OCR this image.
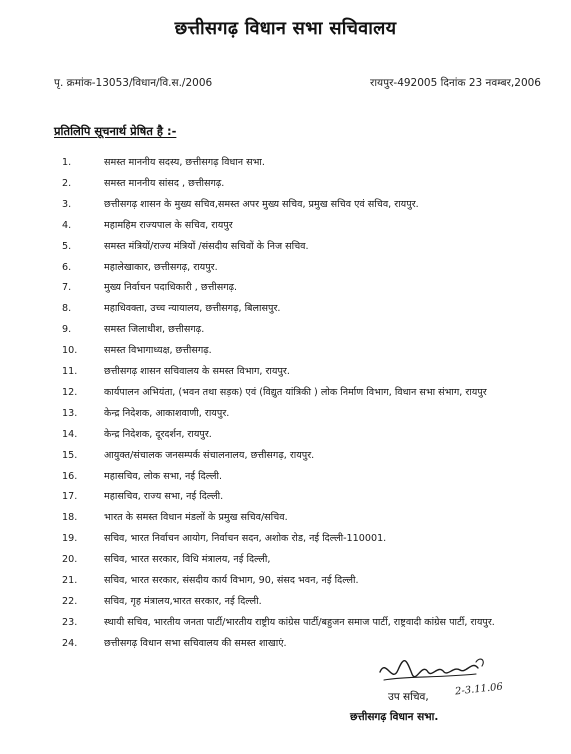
छत्तीसगढ़ विधान सभा सचिवालय
पृ. क्रमांक-13053/विधान/वि.स./2006	रायपुर-492005 दिनांक 23 नवम्बर,2006
प्रतिलिपि सूचनार्थ प्रेषित है :-
1.	समस्त माननीय सदस्य, छत्तीसगढ़ विधान सभा.
2.	समस्त माननीय सांसद , छत्तीसगढ़.
3.	छत्तीसगढ़ शासन के मुख्य सचिव,समस्त अपर मुख्य सचिव, प्रमुख सचिव एवं सचिव, रायपुर.
4.	महामहिम राज्यपाल के सचिव, रायपुर
5.	समस्त मंत्रियों/राज्य मंत्रियों /संसदीय सचिवों के निज सचिव.
6.	महालेखाकार, छत्तीसगढ़, रायपुर.
7.	मुख्य निर्वाचन पदाधिकारी , छत्तीसगढ़.
8.	महाधिवक्ता, उच्च न्यायालय, छत्तीसगढ़, बिलासपुर.
9.	समस्त जिलाधीश, छत्तीसगढ़.
10.	समस्त विभागाध्यक्ष, छत्तीसगढ़.
11.	छत्तीसगढ़ शासन सचिवालय के समस्त विभाग, रायपुर.
12.	कार्यपालन अभियंता, (भवन तथा सड़क) एवं (विद्युत यांत्रिकी ) लोक निर्माण विभाग, विधान सभा संभाग, रायपुर
13.	केन्द्र निदेशक, आकाशवाणी, रायपुर.
14.	केन्द्र निदेशक, दूरदर्शन, रायपुर.
15.	आयुक्त/संचालक जनसम्पर्क संचालनालय, छत्तीसगढ़, रायपुर.
16.	महासचिव, लोक सभा, नई दिल्ली.
17.	महासचिव, राज्य सभा, नई दिल्ली.
18.	भारत के समस्त विधान मंडलों के प्रमुख सचिव/सचिव.
19.	सचिव, भारत निर्वाचन आयोग, निर्वाचन सदन, अशोक रोड, नई दिल्ली-110001.
20.	सचिव, भारत सरकार, विधि मंत्रालय, नई दिल्ली,
21.	सचिव, भारत सरकार, संसदीय कार्य विभाग, 90, संसद भवन, नई दिल्ली.
22.	सचिव, गृह मंत्रालय,भारत सरकार, नई दिल्ली.
23.	स्थायी सचिव, भारतीय जनता पार्टी/भारतीय राष्ट्रीय कांग्रेस पार्टी/बहुजन समाज पार्टी, राष्ट्रवादी कांग्रेस पार्टी, रायपुर.
24.	छत्तीसगढ़ विधान सभा सचिवालय की समस्त शाखाएं.
2-3.11.06
उप सचिव,
छत्तीसगढ़ विधान सभा.
